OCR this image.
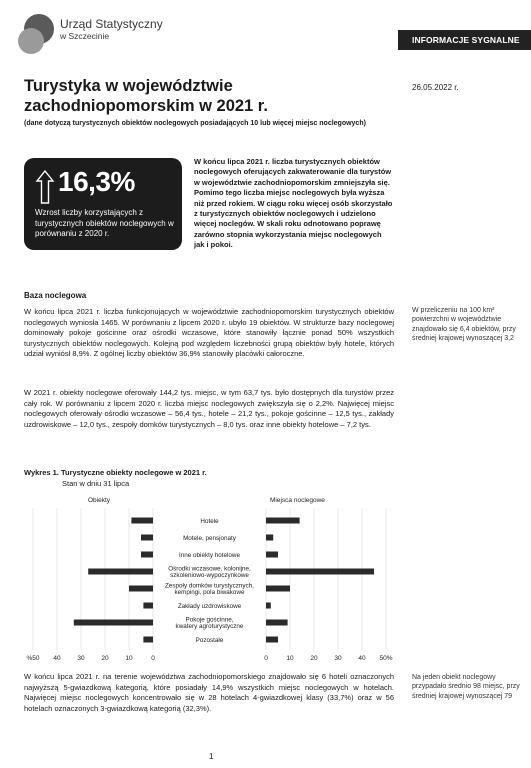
Urząd Statystyczny
w Szczecinie	INFORMACJE SYGNALNE
Turystyka w województwie zachodniopomorskim w 2021 r.
(dane dotyczą turystycznych obiektów noclegowych posiadających 10 lub więcej miejsc noclegowych)
26.05.2022 r.
16,3%
Wzrost liczby korzystających z turystycznych obiektów noclegowych w porównaniu z 2020 r.
W końcu lipca 2021 r. liczba turystycznych obiektów noclegowych oferujących zakwaterowanie dla turystów w województwie zachodniopomorskim zmniejszyła się. Pomimo tego liczba miejsc noclegowych była wyższa niż przed rokiem. W ciągu roku więcej osób skorzystało z turystycznych obiektów noclegowych i udzielono więcej noclegów. W skali roku odnotowano poprawę zarówno stopnia wykorzystania miejsc noclegowych jak i pokoi.
Baza noclegowa
W końcu lipca 2021 r. liczba funkcjonujących w województwie zachodniopomorskim turystycznych obiektów noclegowych wyniosła 1465. W porównaniu z lipcem 2020 r. ubyło 19 obiektów. W strukturze bazy noclegowej dominowały pokoje gościnne oraz ośrodki wczasowe, które stanowiły łącznie ponad 50% wszystkich turystycznych obiektów noclegowych. Kolejną pod względem liczebności grupą obiektów były hotele, których udział wyniósł 8,9%. Z ogólnej liczby obiektów 36,9% stanowiły placówki całoroczne.
W 2021 r. obiekty noclegowe oferowały 144,2 tys. miejsc, w tym 63,7 tys. było dostępnych dla turystów przez cały rok. W porównaniu z lipcem 2020 r. liczba miejsc noclegowych zwiększyła się o 2,2%. Najwięcej miejsc noclegowych oferowały ośrodki wczasowe – 56,4 tys., hotele – 21,2 tys., pokoje gościnne – 12,5 tys., zakłady uzdrowiskowe – 12,0 tys., zespoły domków turystycznych – 8,0 tys. oraz inne obiekty hotelowe – 7,2 tys.
W końcu lipca 2021 r. na terenie województwa zachodniopomorskiego znajdowało się 6 hoteli oznaczonych najwyższą 5-gwiazdkową kategorią, które posiadały 14,9% wszystkich miejsc noclegowych w hotelach. Najwięcej miejsc noclegowych koncentrowało się w 28 hotelach 4-gwiazdkowej klasy (33,7%) oraz w 56 hotelach oznaczonych 3-gwiazdkową kategorią (32,3%).
W przeliczeniu na 100 km² powierzchni w województwie znajdowało się 6,4 obiektów, przy średniej krajowej wynoszącej 3,2
Na jeden obiekt noclegowy przypadało średnio 98 miejsc, przy średniej krajowej wynoszącej 79
Wykres 1. Turystyczne obiekty noclegowe w 2021 r.
Stan w dniu 31 lipca
Obiekty	Miejsca noclegowe
Hotele
Motele, pensjonaty
Inne obiekty hotelowe
Ośrodki wczasowe, kolonijne,
szkoleniowo-wypoczynkowe
Zespoły domków turystycznych,
kempingi, pola biwakowe
Zakłady uzdrowiskowe
Pokoje gościnne,
kwatery agroturystyczne
Pozostałe
%50 40	30	20	10	0	0	10	20	30	40 50%
1
